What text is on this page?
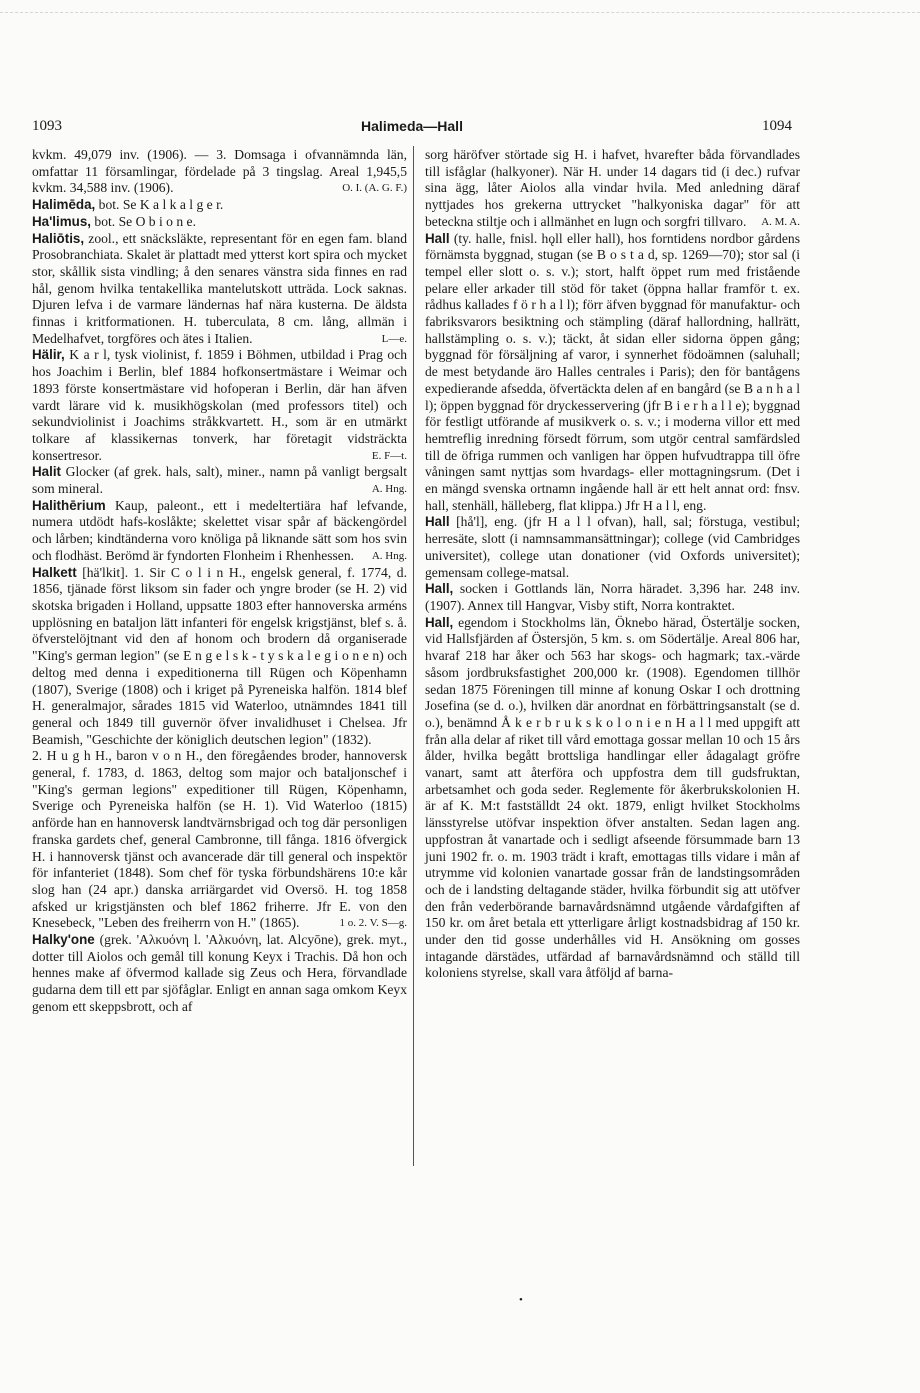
1093	Halimeda—Hall	1094

kvkm. 49,079 inv. (1906). — 3. Domsaga i ofvannämnda län, omfattar 11 församlingar, fördelade på 3 tingslag. Areal 1,945,5 kvkm. 34,588 inv. (1906).	O. I. (A. G. F.)

Halimēda, bot. Se K a l k a l g e r.

Ha'limus, bot. Se O b i o n e.

Haliōtis, zool., ett snäcksläkte, representant för en egen fam. bland Prosobranchiata. Skalet är plattadt med ytterst kort spira och mycket stor, skållik sista vindling; å den senares vänstra sida finnes en rad hål, genom hvilka tentakellika mantelutskott utträda. Lock saknas. Djuren lefva i de varmare ländernas haf nära kusterna. De äldsta finnas i kritformationen. H. tuberculata, 8 cm. lång, allmän i Medelhafvet, torgföres och ätes i Italien.	L—e.

Hälir, K a r l, tysk violinist, f. 1859 i Böhmen, utbildad i Prag och hos Joachim i Berlin, blef 1884 hofkonsertmästare i Weimar och 1893 förste konsertmästare vid hofoperan i Berlin, där han äfven vardt lärare vid k. musikhögskolan (med professors titel) och sekundviolinist i Joachims stråkkvartett. H., som är en utmärkt tolkare af klassikernas tonverk, har företagit vidsträckta konsertresor.	E. F—t.

Halit Glocker (af grek. hals, salt), miner., namn på vanligt bergsalt som mineral.	A. Hng.

Halithērium Kaup, paleont., ett i medeltertiära haf lefvande, numera utdödt hafs-koslåkte; skelettet visar spår af bäckengördel och lårben; kindtänderna voro knöliga på liknande sätt som hos svin och flodhäst. Berömd är fyndorten Flonheim i Rhenhessen.	A. Hng.

Halkett [hä'lkit]. 1. Sir C o l i n H., engelsk general, f. 1774, d. 1856, tjänade först liksom sin fader och yngre broder (se H. 2) vid skotska brigaden i Holland, uppsatte 1803 efter hannoverska arméns upplösning en bataljon lätt infanteri för engelsk krigstjänst, blef s. å. öfverstelöjtnant vid den af honom och brodern då organiserade "King's german legion" (se E n g e l s k - t y s k a l e g i o n e n) och deltog med denna i expeditionerna till Rügen och Köpenhamn (1807), Sverige (1808) och i kriget på Pyreneiska halfön. 1814 blef H. generalmajor, sårades 1815 vid Waterloo, utnämndes 1841 till general och 1849 till guvernör öfver invalidhuset i Chelsea. Jfr Beamish, "Geschichte der königlich deutschen legion" (1832).

2. H u g h H., baron v o n H., den föregåendes broder, hannoversk general, f. 1783, d. 1863, deltog som major och bataljonschef i "King's german legions" expeditioner till Rügen, Köpenhamn, Sverige och Pyreneiska halfön (se H. 1). Vid Waterloo (1815) anförde han en hannoversk landtvärnsbrigad och tog där personligen franska gardets chef, general Cambronne, till fånga. 1816 öfvergick H. i hannoversk tjänst och avancerade där till general och inspektör för infanteriet (1848). Som chef för tyska förbundshärens 10:e kår slog han (24 apr.) danska arriärgardet vid Oversö. H. tog 1858 afsked ur krigstjänsten och blef 1862 friherre. Jfr E. von den Knesebeck, "Leben des freiherrn von H." (1865).	1 o. 2. V. S—g.

Halky'one (grek. 'Αλκυόνη l. 'Αλκυόνη, lat. Alcyōne), grek. myt., dotter till Aiolos och gemål till konung Keyx i Trachis. Då hon och hennes make af öfvermod kallade sig Zeus och Hera, förvandlade gudarna dem till ett par sjöfåglar. Enligt en annan saga omkom Keyx genom ett skeppsbrott, och af

sorg häröfver störtade sig H. i hafvet, hvarefter båda förvandlades till isfåglar (halkyoner). När H. under 14 dagars tid (i dec.) rufvar sina ägg, låter Aiolos alla vindar hvila. Med anledning däraf nyttjades hos grekerna uttrycket "halkyoniska dagar" för att beteckna stiltje och i allmänhet en lugn och sorgfri tillvaro.	A. M. A.

Hall (ty. halle, fnisl. hǫll eller hall), hos forntidens nordbor gårdens förnämsta byggnad, stugan (se B o s t a d, sp. 1269—70); stor sal (i tempel eller slott o. s. v.); stort, halft öppet rum med fristående pelare eller arkader till stöd för taket (öppna hallar framför t. ex. rådhus kallades f ö r h a l l); förr äfven byggnad för manufaktur- och fabriksvarors besiktning och stämpling (däraf hallordning, hallrätt, hallstämpling o. s. v.); täckt, åt sidan eller sidorna öppen gång; byggnad för försäljning af varor, i synnerhet födoämnen (saluhall; de mest betydande äro Halles centrales i Paris); den för bantågens expedierande afsedda, öfvertäckta delen af en bangård (se B a n h a l l); öppen byggnad för dryckesservering (jfr B i e r h a l l e); byggnad för festligt utförande af musikverk o. s. v.; i moderna villor ett med hemtreflig inredning försedt förrum, som utgör central samfärdsled till de öfriga rummen och vanligen har öppen hufvudtrappa till öfre våningen samt nyttjas som hvardags- eller mottagningsrum. (Det i en mängd svenska ortnamn ingående hall är ett helt annat ord: fnsv. hall, stenhäll, hälleberg, flat klippa.) Jfr H a l l, eng.

Hall [hå'l], eng. (jfr H a l l ofvan), hall, sal; förstuga, vestibul; herresäte, slott (i namnsammansättningar); college (vid Cambridges universitet), college utan donationer (vid Oxfords universitet); gemensam college-matsal.

Hall, socken i Gottlands län, Norra häradet. 3,396 har. 248 inv. (1907). Annex till Hangvar, Visby stift, Norra kontraktet.

Hall, egendom i Stockholms län, Öknebo härad, Östertälje socken, vid Hallsfjärden af Östersjön, 5 km. s. om Södertälje. Areal 806 har, hvaraf 218 har åker och 563 har skogs- och hagmark; tax.-värde såsom jordbruksfastighet 200,000 kr. (1908). Egendomen tillhör sedan 1875 Föreningen till minne af konung Oskar I och drottning Josefina (se d. o.), hvilken där anordnat en förbättringsanstalt (se d. o.), benämnd Å k e r b r u k s k o l o n i e n H a l l med uppgift att från alla delar af riket till vård emottaga gossar mellan 10 och 15 års ålder, hvilka begått brottsliga handlingar eller ådagalagt gröfre vanart, samt att återföra och uppfostra dem till gudsfruktan, arbetsamhet och goda seder. Reglemente för åkerbrukskolonien H. är af K. M:t fastställdt 24 okt. 1879, enligt hvilket Stockholms länsstyrelse utöfvar inspektion öfver anstalten. Sedan lagen ang. uppfostran åt vanartade och i sedligt afseende försummade barn 13 juni 1902 fr. o. m. 1903 trädt i kraft, emottagas tills vidare i mån af utrymme vid kolonien vanartade gossar från de landstingsområden och de i landsting deltagande städer, hvilka förbundit sig att utöfver den från vederbörande barnavårdsnämnd utgående vårdafgiften af 150 kr. om året betala ett ytterligare årligt kostnadsbidrag af 150 kr. under den tid gosse underhålles vid H. Ansökning om gosses intagande därstädes, utfärdad af barnavårdsnämnd och ställd till koloniens styrelse, skall vara åtföljd af barna-

•
